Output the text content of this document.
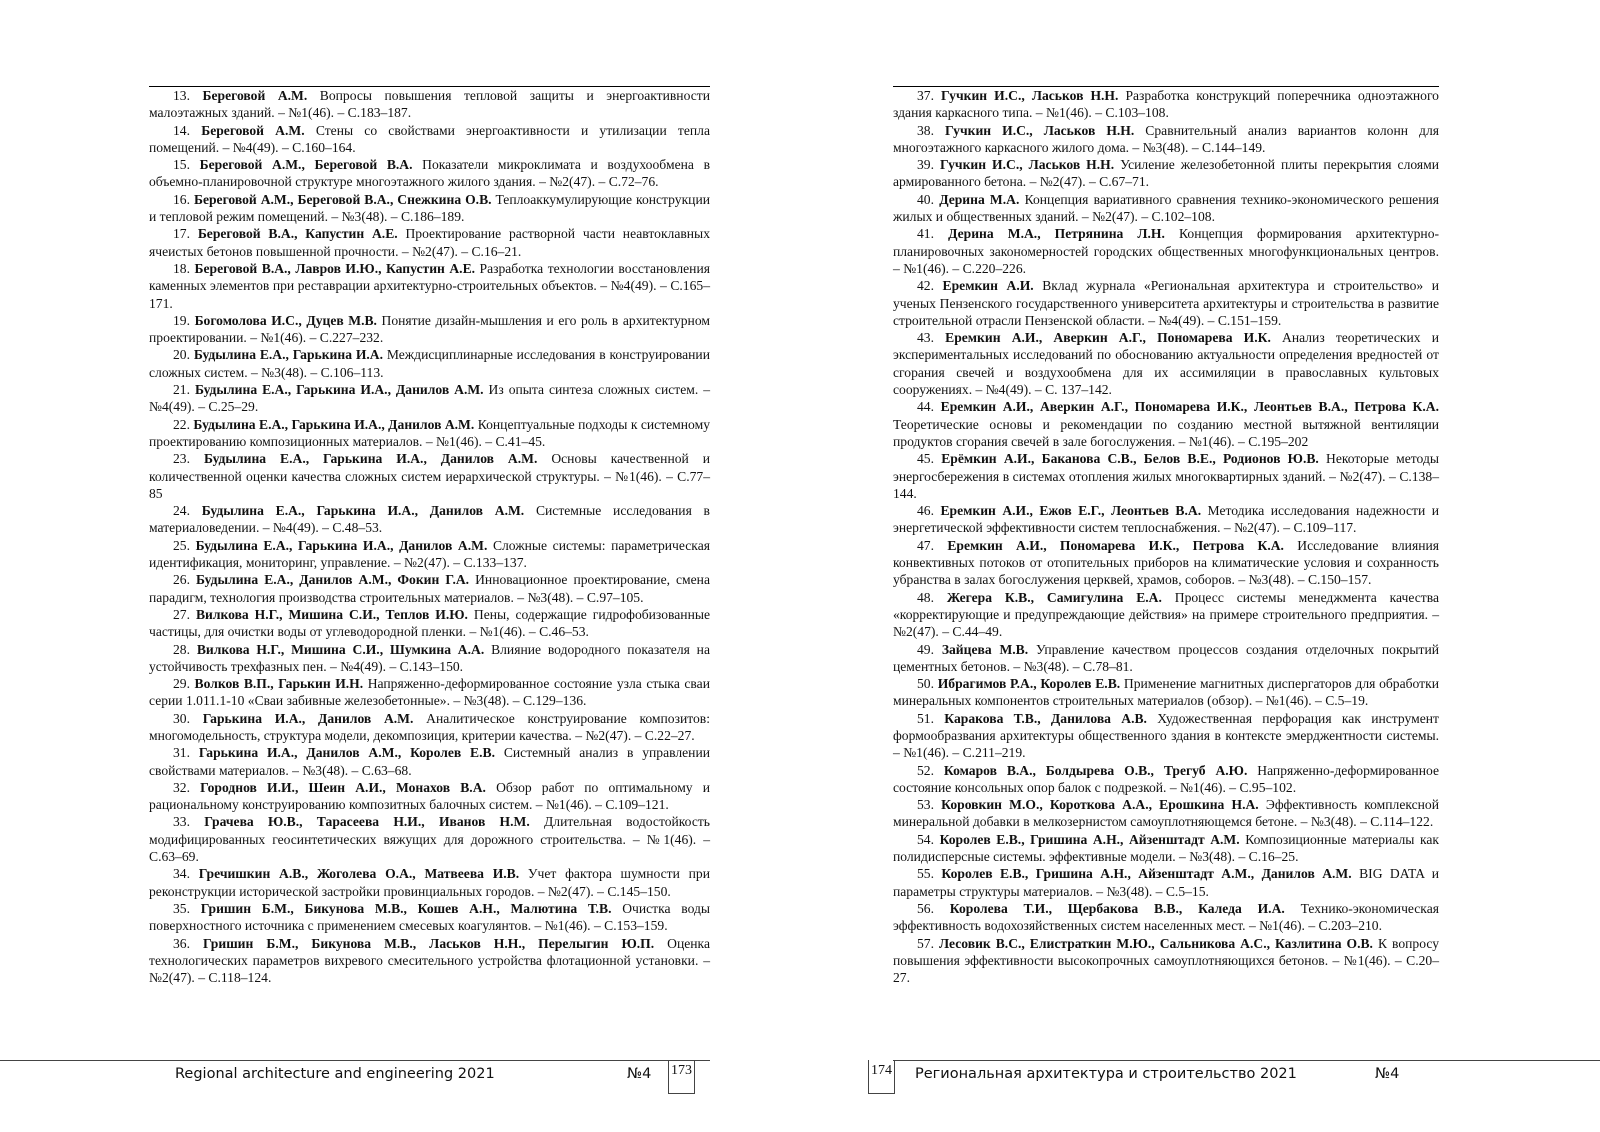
13. Береговой А.М. Вопросы повышения тепловой защиты и энергоактивности малоэтажных зданий. – №1(46). – С.183–187.

14. Береговой А.М. Стены со свойствами энергоактивности и утилизации тепла помещений. – №4(49). – С.160–164.

15. Береговой А.М., Береговой В.А. Показатели микроклимата и воздухообмена в объемно-планировочной структуре многоэтажного жилого здания. – №2(47). – С.72–76.

16. Береговой А.М., Береговой В.А., Снежкина О.В. Теплоаккумулирующие конструкции и тепловой режим помещений. – №3(48). – С.186–189.

17. Береговой В.А., Капустин А.Е. Проектирование растворной части неавтоклавных ячеистых бетонов повышенной прочности. – №2(47). – С.16–21.

18. Береговой В.А., Лавров И.Ю., Капустин А.Е. Разработка технологии восстановления каменных элементов при реставрации архитектурно-строительных объектов. – №4(49). – С.165–171.

19. Богомолова И.С., Дуцев М.В. Понятие дизайн-мышления и его роль в архитектурном проектировании. – №1(46). – С.227–232.

20. Будылина Е.А., Гарькина И.А. Междисциплинарные исследования в конструировании сложных систем. – №3(48). – С.106–113.

21. Будылина Е.А., Гарькина И.А., Данилов А.М. Из опыта синтеза сложных систем. – №4(49). – С.25–29.

22. Будылина Е.А., Гарькина И.А., Данилов А.М. Концептуальные подходы к системному проектированию композиционных материалов. – №1(46). – С.41–45.

23. Будылина Е.А., Гарькина И.А., Данилов А.М. Основы качественной и количественной оценки качества сложных систем иерархической структуры. – №1(46). – С.77–85

24. Будылина Е.А., Гарькина И.А., Данилов А.М. Системные исследования в материаловедении. – №4(49). – С.48–53.

25. Будылина Е.А., Гарькина И.А., Данилов А.М. Сложные системы: параметрическая идентификация, мониторинг, управление. – №2(47). – С.133–137.

26. Будылина Е.А., Данилов А.М., Фокин Г.А. Инновационное проектирование, смена парадигм, технология производства строительных материалов. – №3(48). – С.97–105.

27. Вилкова Н.Г., Мишина С.И., Теплов И.Ю. Пены, содержащие гидрофобизованные частицы, для очистки воды от углеводородной пленки. – №1(46). – С.46–53.

28. Вилкова Н.Г., Мишина С.И., Шумкина А.А. Влияние водородного показателя на устойчивость трехфазных пен. – №4(49). – С.143–150.

29. Волков В.П., Гарькин И.Н. Напряженно-деформированное состояние узла стыка сваи серии 1.011.1-10 «Сваи забивные железобетонные». – №3(48). – С.129–136.

30. Гарькина И.А., Данилов А.М. Аналитическое конструирование композитов: многомодельность, структура модели, декомпозиция, критерии качества. – №2(47). – С.22–27.

31. Гарькина И.А., Данилов А.М., Королев Е.В. Системный анализ в управлении свойствами материалов. – №3(48). – С.63–68.

32. Городнов И.И., Шеин А.И., Монахов В.А. Обзор работ по оптимальному и рациональному конструированию композитных балочных систем. – №1(46). – С.109–121.

33. Грачева Ю.В., Тарасеева Н.И., Иванов Н.М. Длительная водостойкость модифицированных геосинтетических вяжущих для дорожного строительства. – №1(46). – С.63–69.

34. Гречишкин А.В., Жоголева О.А., Матвеева И.В. Учет фактора шумности при реконструкции исторической застройки провинциальных городов. – №2(47). – С.145–150.

35. Гришин Б.М., Бикунова М.В., Кошев А.Н., Малютина Т.В. Очистка воды поверхностного источника с применением смесевых коагулянтов. – №1(46). – С.153–159.

36. Гришин Б.М., Бикунова М.В., Ласьков Н.Н., Перелыгин Ю.П. Оценка технологических параметров вихревого смесительного устройства флотационной установки. – №2(47). – С.118–124.

Regional architecture and engineering 2021	№4 173

37. Гучкин И.С., Ласьков Н.Н. Разработка конструкций поперечника одноэтажного здания каркасного типа. – №1(46). – С.103–108.

38. Гучкин И.С., Ласьков Н.Н. Сравнительный анализ вариантов колонн для многоэтажного каркасного жилого дома. – №3(48). – С.144–149.

39. Гучкин И.С., Ласьков Н.Н. Усиление железобетонной плиты перекрытия слоями армированного бетона. – №2(47). – С.67–71.

40. Дерина М.А. Концепция вариативного сравнения технико-экономического решения жилых и общественных зданий. – №2(47). – С.102–108.

41. Дерина М.А., Петрянина Л.Н. Концепция формирования архитектурно-планировочных закономерностей городских общественных многофункциональных центров. – №1(46). – С.220–226.

42. Еремкин А.И. Вклад журнала «Региональная архитектура и строительство» и ученых Пензенского государственного университета архитектуры и строительства в развитие строительной отрасли Пензенской области. – №4(49). – С.151–159.

43. Еремкин А.И., Аверкин А.Г., Пономарева И.К. Анализ теоретических и экспериментальных исследований по обоснованию актуальности определения вредностей от сгорания свечей и воздухообмена для их ассимиляции в православных культовых сооружениях. – №4(49). – С. 137–142.

44. Еремкин А.И., Аверкин А.Г., Пономарева И.К., Леонтьев В.А., Петрова К.А. Теоретические основы и рекомендации по созданию местной вытяжной вентиляции продуктов сгорания свечей в зале богослужения. – №1(46). – С.195–202

45. Ерёмкин А.И., Баканова С.В., Белов В.Е., Родионов Ю.В. Некоторые методы энергосбережения в системах отопления жилых многоквартирных зданий. – №2(47). – С.138–144.

46. Еремкин А.И., Ежов Е.Г., Леонтьев В.А. Методика исследования надежности и энергетической эффективности систем теплоснабжения. – №2(47). – С.109–117.

47. Еремкин А.И., Пономарева И.К., Петрова К.А. Исследование влияния конвективных потоков от отопительных приборов на климатические условия и сохранность убранства в залах богослужения церквей, храмов, соборов. – №3(48). – С.150–157.

48. Жегера К.В., Самигулина Е.А. Процесс системы менеджмента качества «корректирующие и предупреждающие действия» на примере строительного предприятия. – №2(47). – С.44–49.

49. Зайцева М.В. Управление качеством процессов создания отделочных покрытий цементных бетонов. – №3(48). – С.78–81.

50. Ибрагимов Р.А., Королев Е.В. Применение магнитных диспергаторов для обработки минеральных компонентов строительных материалов (обзор). – №1(46). – С.5–19.

51. Каракова Т.В., Данилова А.В. Художественная перфорация как инструмент формообразвания архитектуры общественного здания в контексте эмерджентности системы. – №1(46). – С.211–219.

52. Комаров В.А., Болдырева О.В., Трегуб А.Ю. Напряженно-деформированное состояние консольных опор балок с подрезкой. – №1(46). – С.95–102.

53. Коровкин М.О., Короткова А.А., Ерошкина Н.А. Эффективность комплексной минеральной добавки в мелкозернистом самоуплотняющемся бетоне. – №3(48). – С.114–122.

54. Королев Е.В., Гришина А.Н., Айзенштадт А.М. Композиционные материалы как полидисперсные системы. эффективные модели. – №3(48). – С.16–25.

55. Королев Е.В., Гришина А.Н., Айзенштадт А.М., Данилов А.М. BIG DATA и параметры структуры материалов. – №3(48). – С.5–15.

56. Королева Т.И., Щербакова В.В., Каледа И.А. Технико-экономическая эффективность водохозяйственных систем населенных мест. – №1(46). – С.203–210.

57. Лесовик В.С., Елистраткин М.Ю., Сальникова А.С., Казлитина О.В. К вопросу повышения эффективности высокопрочных самоуплотняющихся бетонов. – №1(46). – С.20–27.

174 Региональная архитектура и строительство 2021	№4
